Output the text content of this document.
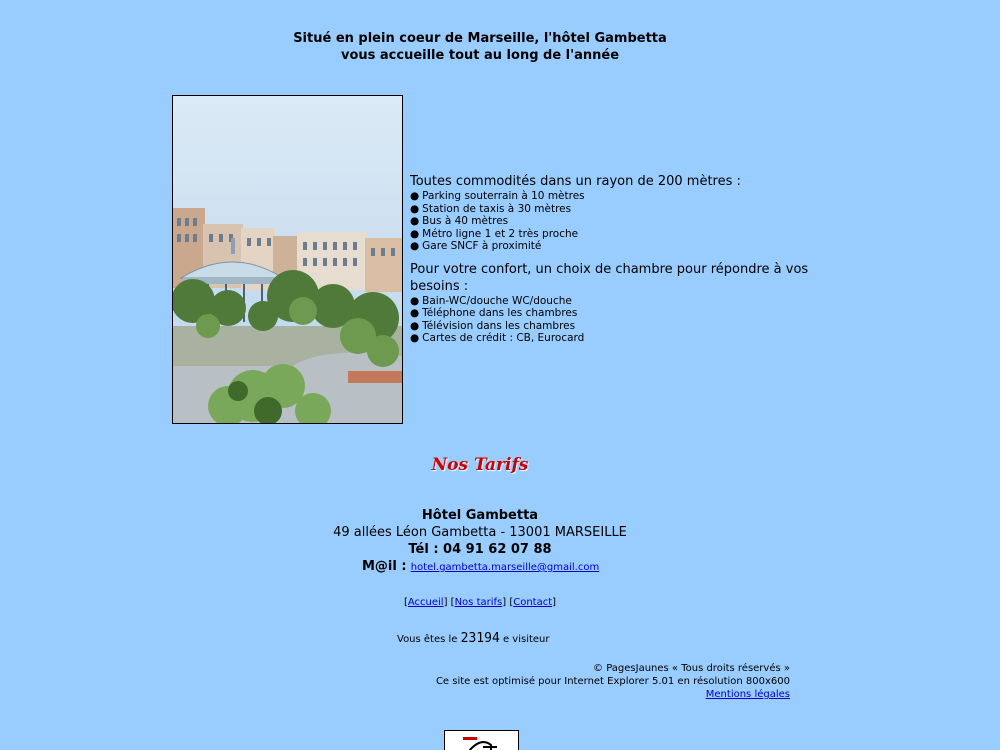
Situé en plein coeur de Marseille, l'hôtel Gambetta
vous accueille tout au long de l'année

Toutes commodités dans un rayon de 200 mètres :

● Parking souterrain à 10 mètres
● Station de taxis à 30 mètres
● Bus à 40 mètres
● Métro ligne 1 et 2 très proche
● Gare SNCF à proximité

Pour votre confort, un choix de chambre pour répondre à vos besoins :

● Bain-WC/douche WC/douche
● Téléphone dans les chambres
● Télévision dans les chambres
● Cartes de crédit : CB, Eurocard
Nos Tarifs
Hôtel Gambetta
49 allées Léon Gambetta - 13001 MARSEILLE
Tél : 04 91 62 07 88
M@il : hotel.gambetta.marseille@gmail.com
[Accueil] [Nos tarifs] [Contact]
Vous êtes le 23194 e visiteur
© PagesJaunes « Tous droits réservés »
Ce site est optimisé pour Internet Explorer 5.01 en résolution 800x600
Mentions légales
